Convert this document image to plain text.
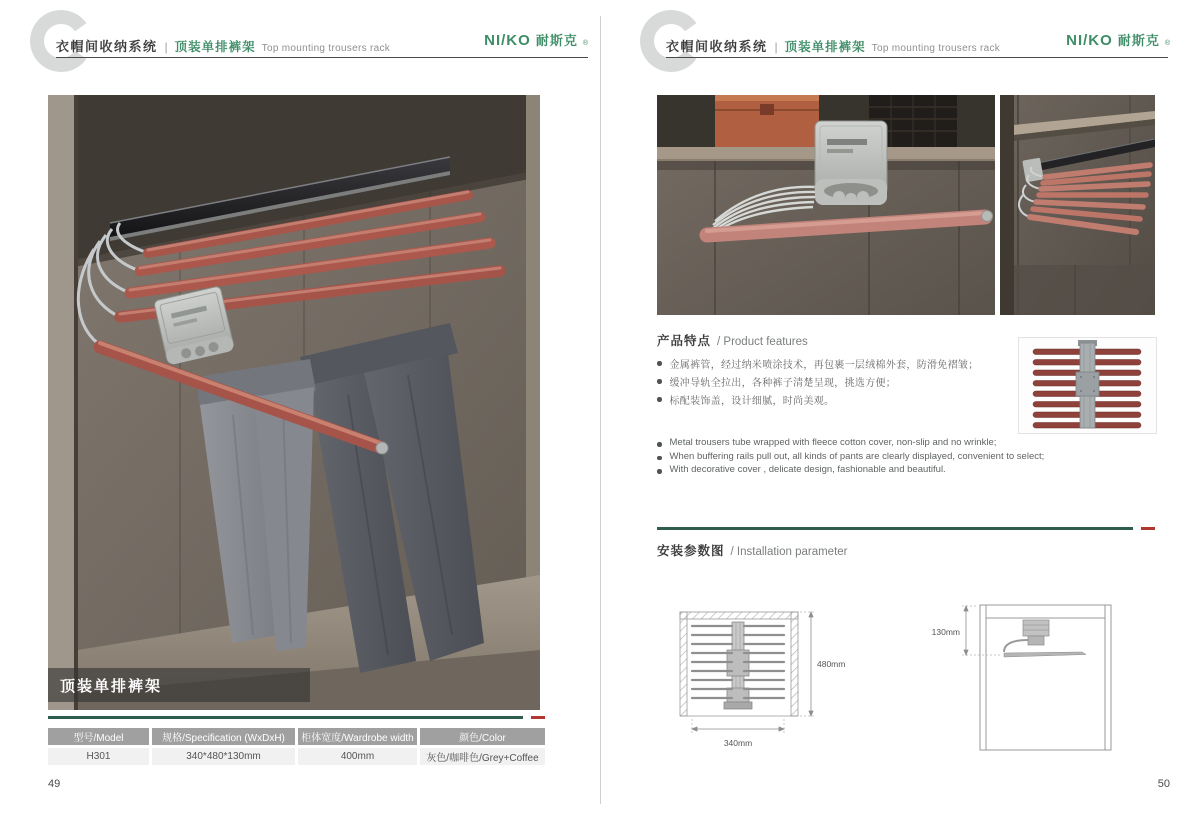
衣帽间收纳系统 | 顶装单排裤架 Top mounting trousers rack	NI/KO 耐斯克 ®
顶装单排裤架
型号/Model	规格/Specification (WxDxH)	柜体宽度/Wardrobe width	颜色/Color
H301	340*480*130mm	400mm	灰色/咖啡色/Grey+Coffee
49
衣帽间收纳系统 | 顶装单排裤架 Top mounting trousers rack	NI/KO 耐斯克 ®
产品特点 / Product features
金属裤管，经过纳米喷涂技术，再包裹一层绒棉外套，防滑免褶皱；
缓冲导轨全拉出，各种裤子清楚呈现，挑选方便；
标配装饰盖，设计细腻，时尚美观。
Metal trousers tube wrapped with fleece cotton cover, non-slip and no wrinkle;
When buffering rails pull out, all kinds of pants are clearly displayed, convenient to select;
With decorative cover , delicate design, fashionable and beautiful.
安装参数图 / Installation parameter
480mm
340mm
130mm
50
